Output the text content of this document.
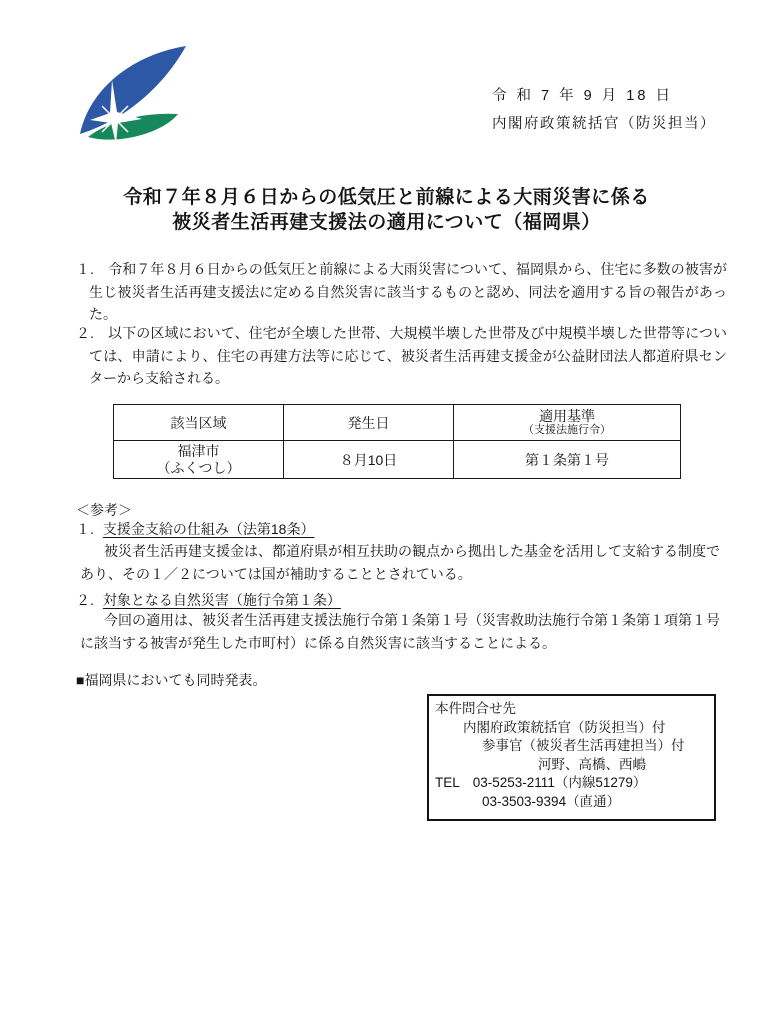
令 和 7 年 9 月 18 日
内閣府政策統括官（防災担当）
令和７年８月６日からの低気圧と前線による大雨災害に係る
被災者生活再建支援法の適用について（福岡県）

１.　令和７年８月６日からの低気圧と前線による大雨災害について、福岡県から、住宅に多数の被害が生じ被災者生活再建支援法に定める自然災害に該当するものと認め、同法を適用する旨の報告があった。

２.　以下の区域において、住宅が全壊した世帯、大規模半壊した世帯及び中規模半壊した世帯等については、申請により、住宅の再建方法等に応じて、被災者生活再建支援金が公益財団法人都道府県センターから支給される。

該当区域	発生日	適用基準
（支援法施行令）

福津市
（ふくつし）	８月10日	第１条第１号
＜参考＞
１. 支援金支給の仕組み（法第18条）

被災者生活再建支援金は、都道府県が相互扶助の観点から拠出した基金を活用して支給する制度であり、その１／２については国が補助することとされている。

２. 対象となる自然災害（施行令第１条）

今回の適用は、被災者生活再建支援法施行令第１条第１号（災害救助法施行令第１条第１項第１号に該当する被害が発生した市町村）に係る自然災害に該当することによる。

■福岡県においても同時発表。
本件問合せ先
内閣府政策統括官（防災担当）付
参事官（被災者生活再建担当）付
河野、高橋、西嶋
TEL　03-5253-2111（内線51279）
03-3503-9394（直通）
